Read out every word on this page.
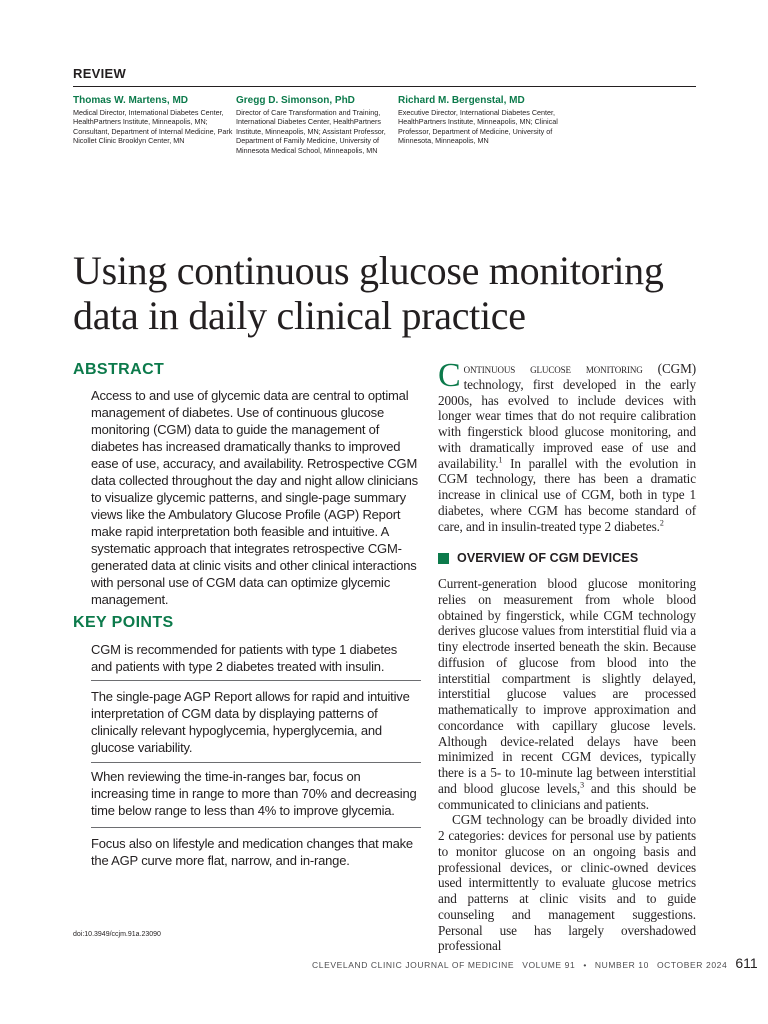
REVIEW
Thomas W. Martens, MD
Medical Director, International Diabetes Center, HealthPartners Institute, Minneapolis, MN; Consultant, Department of Internal Medicine, Park Nicollet Clinic Brooklyn Center, MN
Gregg D. Simonson, PhD
Director of Care Transformation and Training, International Diabetes Center, HealthPartners Institute, Minneapolis, MN; Assistant Professor, Department of Family Medicine, University of Minnesota Medical School, Minneapolis, MN
Richard M. Bergenstal, MD
Executive Director, International Diabetes Center, HealthPartners Institute, Minneapolis, MN; Clinical Professor, Department of Medicine, University of Minnesota, Minneapolis, MN
Using continuous glucose monitoring data in daily clinical practice
ABSTRACT
Access to and use of glycemic data are central to optimal management of diabetes. Use of continuous glucose monitoring (CGM) data to guide the management of diabetes has increased dramatically thanks to improved ease of use, accuracy, and availability. Retrospective CGM data collected throughout the day and night allow clinicians to visualize glycemic patterns, and single-page summary views like the Ambulatory Glucose Profile (AGP) Report make rapid interpretation both feasible and intuitive. A systematic approach that integrates retrospective CGM-generated data at clinic visits and other clinical interactions with personal use of CGM data can optimize glycemic management.
KEY POINTS
CGM is recommended for patients with type 1 diabetes and patients with type 2 diabetes treated with insulin.
The single-page AGP Report allows for rapid and intuitive interpretation of CGM data by displaying patterns of clinically relevant hypoglycemia, hyperglycemia, and glucose variability.
When reviewing the time-in-ranges bar, focus on increasing time in range to more than 70% and decreasing time below range to less than 4% to improve glycemia.
Focus also on lifestyle and medication changes that make the AGP curve more flat, narrow, and in-range.
doi:10.3949/ccjm.91a.23090

Continuous glucose monitoring (CGM) technology, first developed in the early 2000s, has evolved to include devices with longer wear times that do not require calibration with fingerstick blood glucose monitoring, and with dramatically improved ease of use and availability.$^1$ In parallel with the evolution in CGM technology, there has been a dramatic increase in clinical use of CGM, both in type 1 diabetes, where CGM has become standard of care, and in insulin-treated type 2 diabetes.$^2$

OVERVIEW OF CGM DEVICES

Current-generation blood glucose monitoring relies on measurement from whole blood obtained by fingerstick, while CGM technology derives glucose values from interstitial fluid via a tiny electrode inserted beneath the skin. Because diffusion of glucose from blood into the interstitial compartment is slightly delayed, interstitial glucose values are processed mathematically to improve approximation and concordance with capillary glucose levels. Although device-related delays have been minimized in recent CGM devices, typically there is a 5- to 10-minute lag between interstitial and blood glucose levels,$^3$ and this should be communicated to clinicians and patients.

CGM technology can be broadly divided into 2 categories: devices for personal use by patients to monitor glucose on an ongoing basis and professional devices, or clinic-owned devices used intermittently to evaluate glucose metrics and patterns at clinic visits and to guide counseling and management suggestions. Personal use has largely overshadowed professional

CLEVELAND CLINIC JOURNAL OF MEDICINE VOLUME 91 • NUMBER 10 OCTOBER 2024 611
